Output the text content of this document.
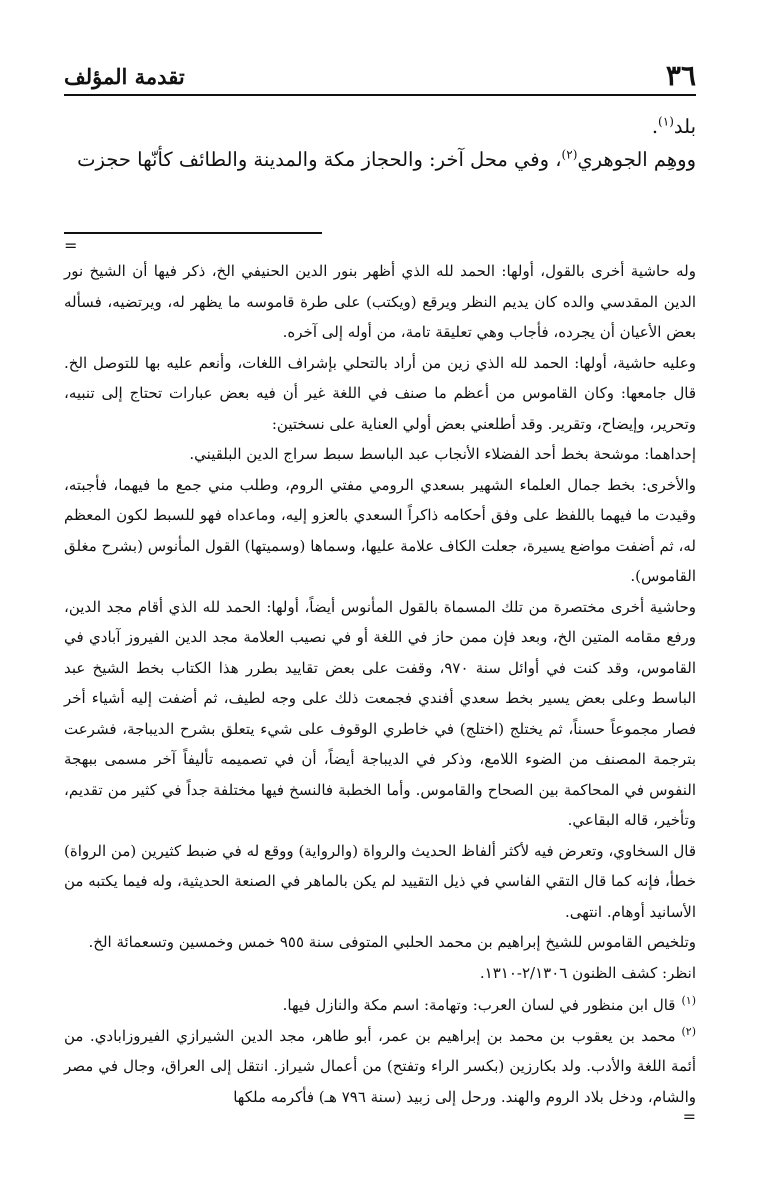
٣٦
تقدمة المؤلف

بلد$^{(١)}$.

ووهِم الجوهري$^{(٢)}$، وفي محل آخر: والحجاز مكة والمدينة والطائف كأنّها حجزت

=

وله حاشية أخرى بالقول، أولها: الحمد لله الذي أظهر بنور الدين الحنيفي الخ، ذكر فيها أن الشيخ نور الدين المقدسي والده كان يديم النظر ويرقع (ويكتب) على طرة قاموسه ما يظهر له، ويرتضيه، فسأله بعض الأعيان أن يجرده، فأجاب وهي تعليقة تامة، من أوله إلى آخره.

وعليه حاشية، أولها: الحمد لله الذي زين من أراد بالتحلي بإشراف اللغات، وأنعم عليه بها للتوصل الخ. قال جامعها: وكان القاموس من أعظم ما صنف في اللغة غير أن فيه بعض عبارات تحتاج إلى تنبيه، وتحرير، وإيضاح، وتقرير. وقد أطلعني بعض أولي العناية على نسختين:

إحداهما: موشحة بخط أحد الفضلاء الأنجاب عبد الباسط سبط سراج الدين البلقيني.

والأخرى: بخط جمال العلماء الشهير بسعدي الرومي مفتي الروم، وطلب مني جمع ما فيهما، فأجبته، وقيدت ما فيهما باللفظ على وفق أحكامه ذاكراً السعدي بالعزو إليه، وماعداه فهو للسبط لكون المعظم له، ثم أضفت مواضع يسيرة، جعلت الكاف علامة عليها، وسماها (وسميتها) القول المأنوس (بشرح مغلق القاموس).

وحاشية أخرى مختصرة من تلك المسماة بالقول المأنوس أيضاً، أولها: الحمد لله الذي أقام مجد الدين، ورفع مقامه المتين الخ، وبعد فإن ممن حاز في اللغة أو في نصيب العلامة مجد الدين الفيروز آبادي في القاموس، وقد كنت في أوائل سنة ٩٧٠، وقفت على بعض تقاييد بطرر هذا الكتاب بخط الشيخ عبد الباسط وعلى بعض يسير بخط سعدي أفندي فجمعت ذلك على وجه لطيف، ثم أضفت إليه أشياء أخر فصار مجموعاً حسناً، ثم يختلج (اختلج) في خاطري الوقوف على شيء يتعلق بشرح الديباجة، فشرعت بترجمة المصنف من الضوء اللامع، وذكر في الديباجة أيضاً، أن في تصميمه تأليفاً آخر مسمى ببهجة النفوس في المحاكمة بين الصحاح والقاموس. وأما الخطبة فالنسخ فيها مختلفة جداً في كثير من تقديم، وتأخير، قاله البقاعي.

قال السخاوي، وتعرض فيه لأكثر ألفاظ الحديث والرواة (والرواية) ووقع له في ضبط كثيرين (من الرواة) خطأ، فإنه كما قال التقي الفاسي في ذيل التقييد لم يكن بالماهر في الصنعة الحديثية، وله فيما يكتبه من الأسانيد أوهام. انتهى.

وتلخيص القاموس للشيخ إبراهيم بن محمد الحلبي المتوفى سنة ٩٥٥ خمس وخمسين وتسعمائة الخ.

انظر: كشف الظنون ٢/١٣٠٦-١٣١٠.

$^{(١)}$قال ابن منظور في لسان العرب: وتهامة: اسم مكة والنازل فيها.

$^{(٢)}$محمد بن يعقوب بن محمد بن إبراهيم بن عمر، أبو طاهر، مجد الدين الشيرازي الفيروزابادي. من أئمة اللغة والأدب. ولد بكارزين (بكسر الراء وتفتح) من أعمال شيراز. انتقل إلى العراق، وجال في مصر والشام، ودخل بلاد الروم والهند. ورحل إلى زبيد (سنة ٧٩٦ هـ) فأكرمه ملكها

=
